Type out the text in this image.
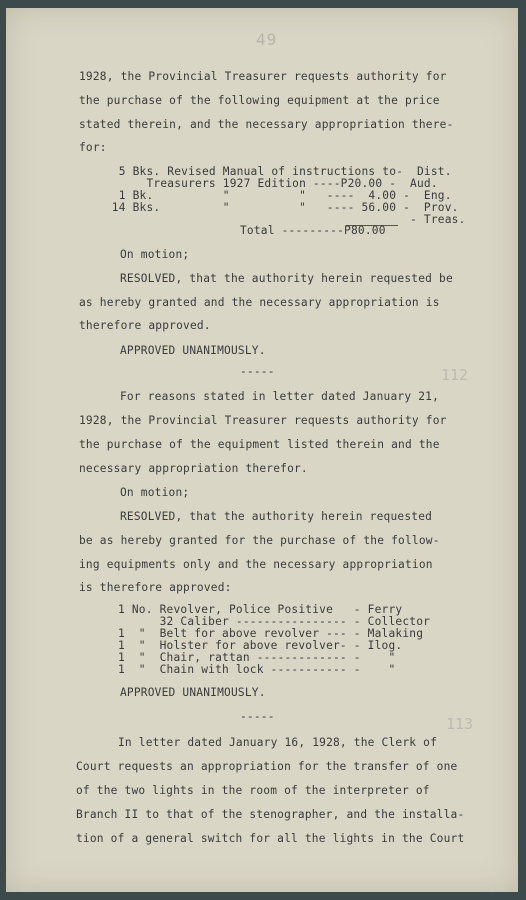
49
1928, the Provincial Treasurer requests authority for
the purchase of the following equipment at the price
stated therein, and the necessary appropriation there-
for:
5 Bks. Revised Manual of instructions to-  Dist.
Treasurers 1927 Edition ----P20.00 -  Aud.
1 Bk.          "          "   ----  4.00 -  Eng.
14 Bks.         "          "   ---- 56.00 -  Prov.
- Treas.
Total ---------P80.00
On motion;
RESOLVED, that the authority herein requested be
as hereby granted and the necessary appropriation is
therefore approved.
APPROVED UNANIMOUSLY.
-----	112
For reasons stated in letter dated January 21,
1928, the Provincial Treasurer requests authority for
the purchase of the equipment listed therein and the
necessary appropriation therefor.
On motion;
RESOLVED, that the authority herein requested
be as hereby granted for the purchase of the follow-
ing equipments only and the necessary appropriation
is therefore approved:
1 No. Revolver, Police Positive   - Ferry
32 Caliber ---------------- - Collector
1  "  Belt for above revolver --- - Malaking
1  "  Holster for above revolver- - Ilog.
1  "  Chair, rattan ------------- -    "
1  "  Chain with lock ----------- -    "
APPROVED UNANIMOUSLY.
-----	113
In letter dated January 16, 1928, the Clerk of
Court requests an appropriation for the transfer of one
of the two lights in the room of the interpreter of
Branch II to that of the stenographer, and the installa-
tion of a general switch for all the lights in the Court
